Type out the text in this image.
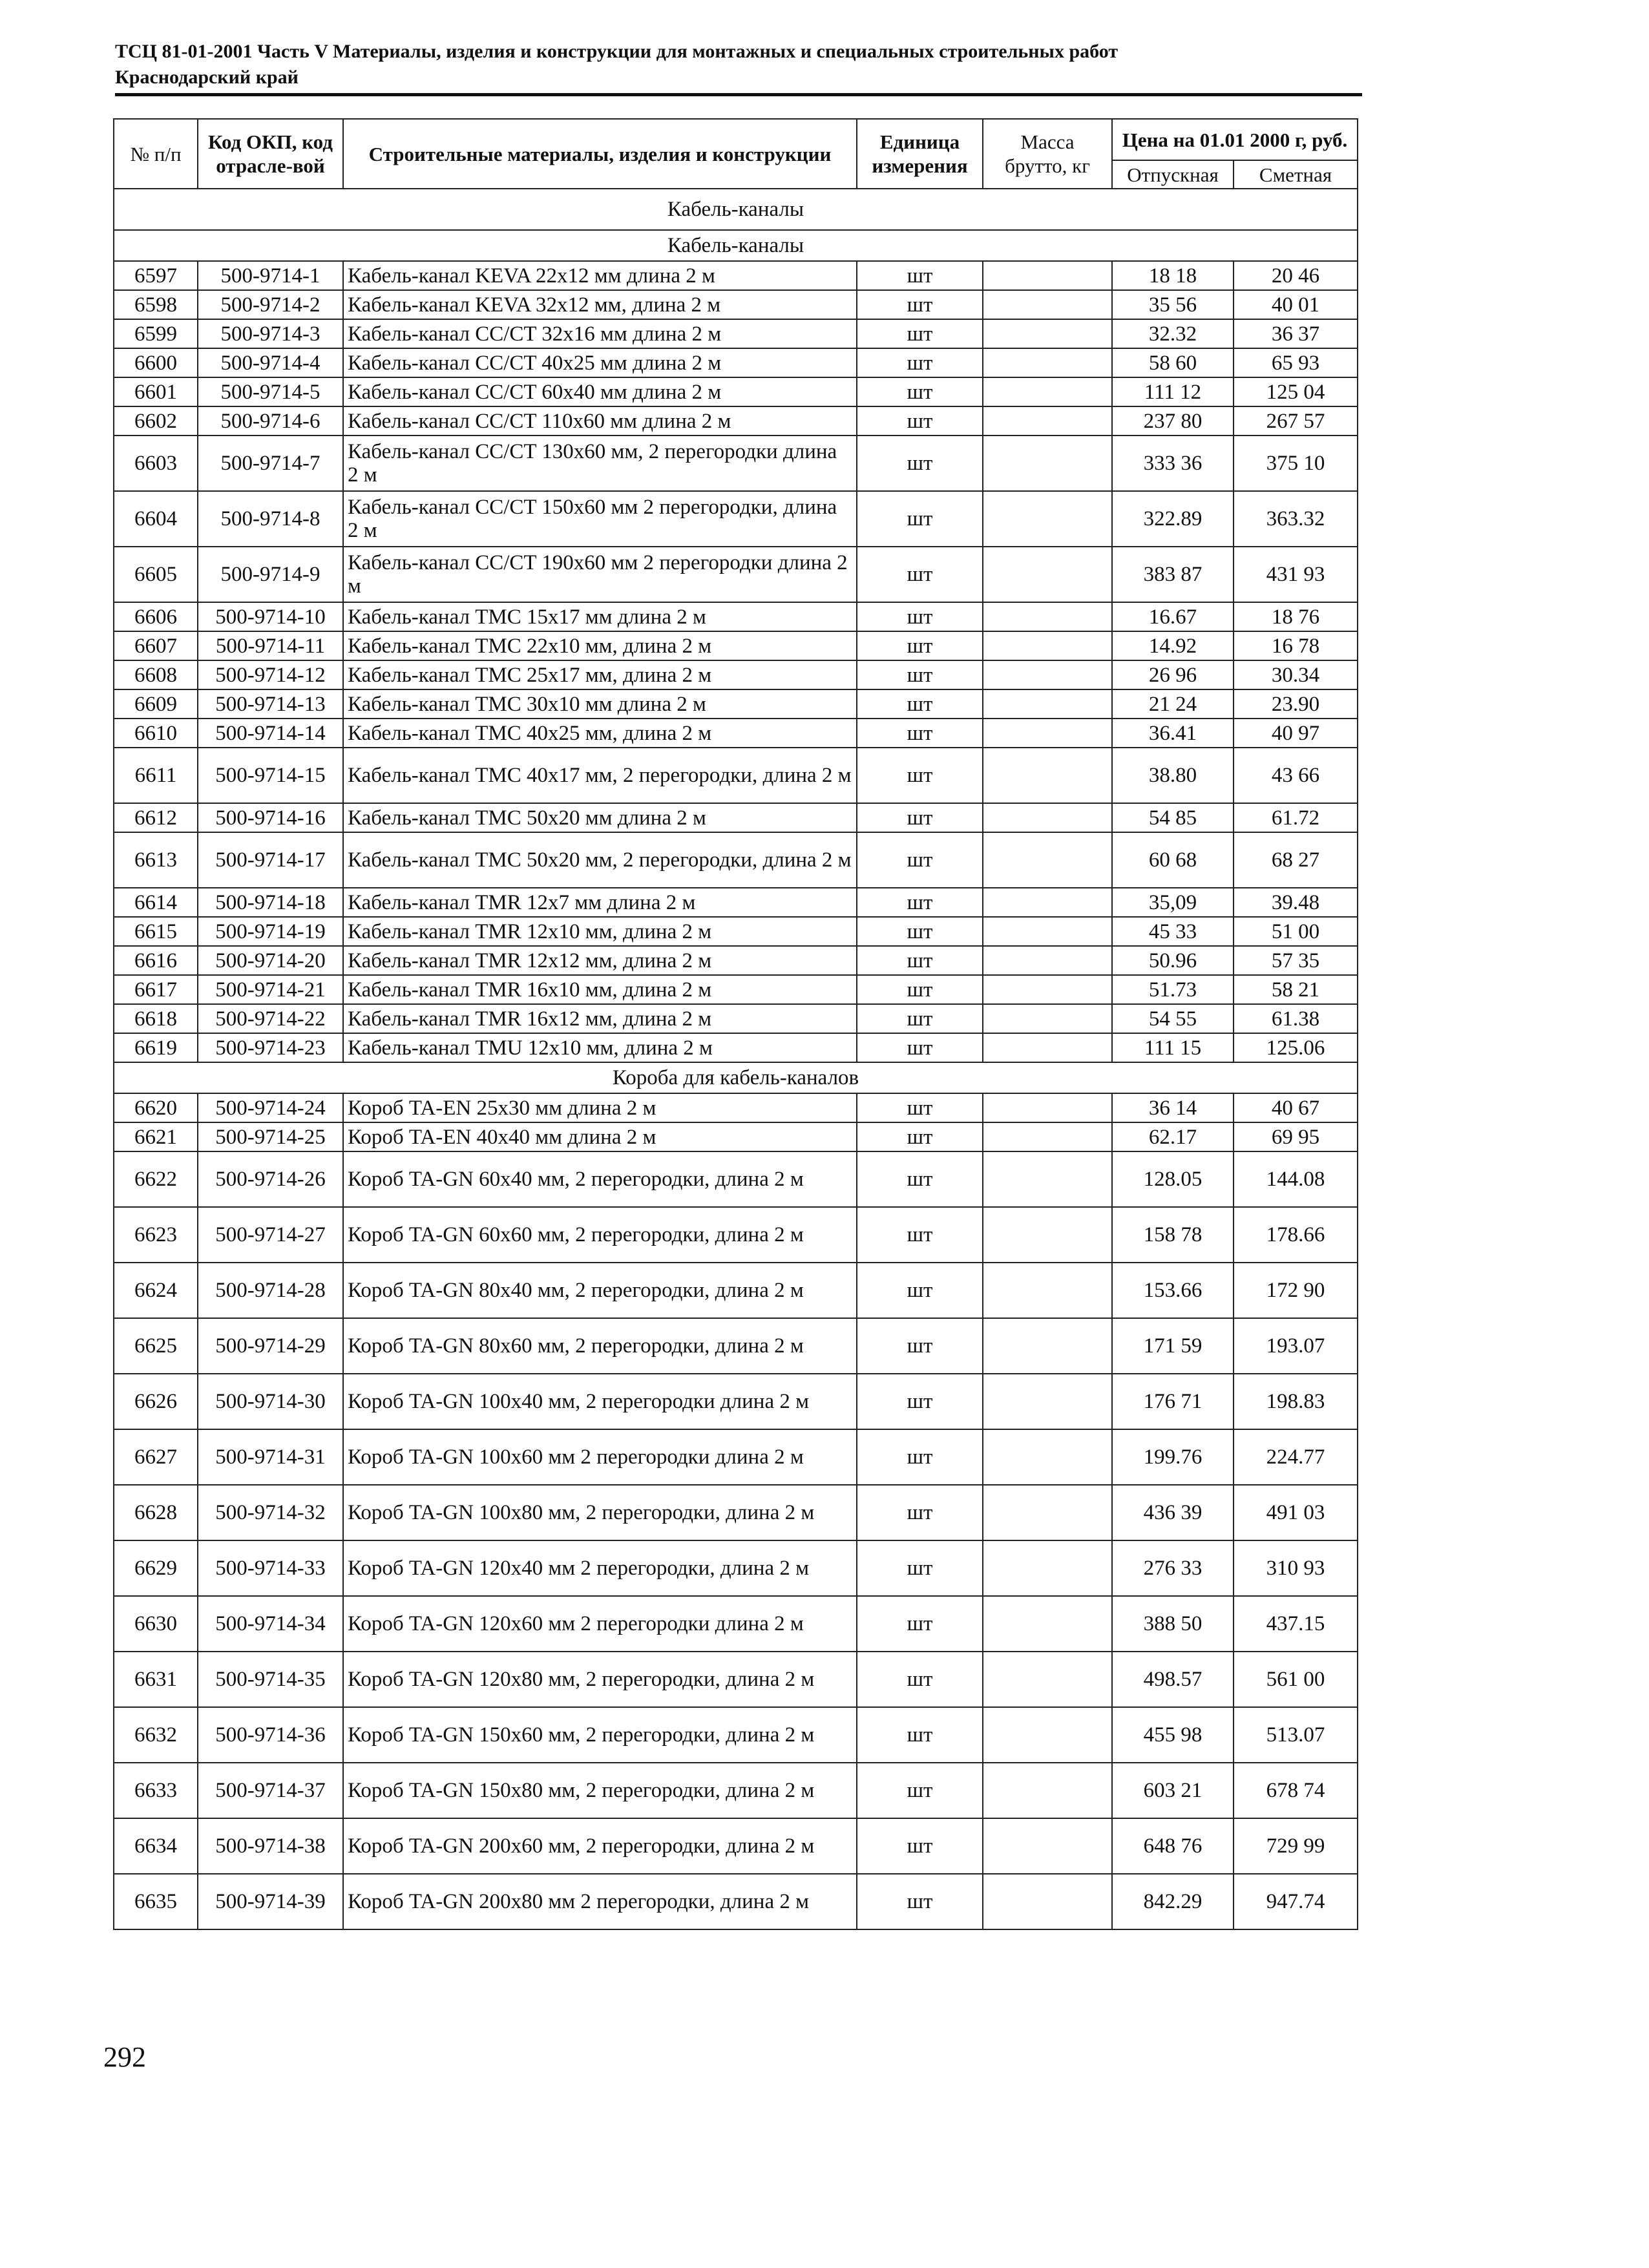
ТСЦ 81-01-2001 Часть V Материалы, изделия и конструкции для монтажных и специальных строительных работ
Краснодарский край
№ п/п	Код ОКП, код отрасле-вой	Строительные материалы, изделия и конструкции	Единица измерения	Масса брутто, кг	Цена на 01.01 2000 г, руб.	
					Отпускная	Сметная
Кабель-каналы						
Кабель-каналы						
6597	500-9714-1	Кабель-канал KEVA 22х12 мм длина 2 м	шт		18 18	20 46
6598	500-9714-2	Кабель-канал KEVA 32х12 мм, длина 2 м	шт		35 56	40 01
6599	500-9714-3	Кабель-канал CC/CT 32х16 мм длина 2 м	шт		32.32	36 37
6600	500-9714-4	Кабель-канал CC/CT 40х25 мм длина 2 м	шт		58 60	65 93
6601	500-9714-5	Кабель-канал CC/CT 60х40 мм длина 2 м	шт		111 12	125 04
6602	500-9714-6	Кабель-канал CC/CT 110х60 мм длина 2 м	шт		237 80	267 57
6603	500-9714-7	Кабель-канал CC/CT 130х60 мм, 2 перегородки длина 2 м	шт		333 36	375 10
6604	500-9714-8	Кабель-канал CC/CT 150х60 мм 2 перегородки, длина 2 м	шт		322.89	363.32
6605	500-9714-9	Кабель-канал CC/CT 190х60 мм 2 перегородки длина 2 м	шт		383 87	431 93
6606	500-9714-10	Кабель-канал TMC 15х17 мм длина 2 м	шт		16.67	18 76
6607	500-9714-11	Кабель-канал TMC 22х10 мм, длина 2 м	шт		14.92	16 78
6608	500-9714-12	Кабель-канал TMC 25х17 мм, длина 2 м	шт		26 96	30.34
6609	500-9714-13	Кабель-канал TMC 30х10 мм длина 2 м	шт		21 24	23.90
6610	500-9714-14	Кабель-канал TMC 40х25 мм, длина 2 м	шт		36.41	40 97
6611	500-9714-15	Кабель-канал TMC 40х17 мм, 2 перегородки, длина 2 м	шт		38.80	43 66
6612	500-9714-16	Кабель-канал TMC 50х20 мм длина 2 м	шт		54 85	61.72
6613	500-9714-17	Кабель-канал TMC 50х20 мм, 2 перегородки, длина 2 м	шт		60 68	68 27
6614	500-9714-18	Кабель-канал TMR 12х7 мм длина 2 м	шт		35,09	39.48
6615	500-9714-19	Кабель-канал TMR 12х10 мм, длина 2 м	шт		45 33	51 00
6616	500-9714-20	Кабель-канал TMR 12х12 мм, длина 2 м	шт		50.96	57 35
6617	500-9714-21	Кабель-канал TMR 16х10 мм, длина 2 м	шт		51.73	58 21
6618	500-9714-22	Кабель-канал TMR 16х12 мм, длина 2 м	шт		54 55	61.38
6619	500-9714-23	Кабель-канал TMU 12х10 мм, длина 2 м	шт		111 15	125.06
Короба для кабель-каналов						
6620	500-9714-24	Короб TA-EN 25х30 мм длина 2 м	шт		36 14	40 67
6621	500-9714-25	Короб TA-EN 40х40 мм длина 2 м	шт		62.17	69 95
6622	500-9714-26	Короб TA-GN 60х40 мм, 2 перегородки, длина 2 м	шт		128.05	144.08
6623	500-9714-27	Короб TA-GN 60х60 мм, 2 перегородки, длина 2 м	шт		158 78	178.66
6624	500-9714-28	Короб TA-GN 80х40 мм, 2 перегородки, длина 2 м	шт		153.66	172 90
6625	500-9714-29	Короб TA-GN 80х60 мм, 2 перегородки, длина 2 м	шт		171 59	193.07
6626	500-9714-30	Короб TA-GN 100х40 мм, 2 перегородки длина 2 м	шт		176 71	198.83
6627	500-9714-31	Короб TA-GN 100х60 мм 2 перегородки длина 2 м	шт		199.76	224.77
6628	500-9714-32	Короб TA-GN 100х80 мм, 2 перегородки, длина 2 м	шт		436 39	491 03
6629	500-9714-33	Короб TA-GN 120х40 мм 2 перегородки, длина 2 м	шт		276 33	310 93
6630	500-9714-34	Короб TA-GN 120х60 мм 2 перегородки длина 2 м	шт		388 50	437.15
6631	500-9714-35	Короб TA-GN 120х80 мм, 2 перегородки, длина 2 м	шт		498.57	561 00
6632	500-9714-36	Короб TA-GN 150х60 мм, 2 перегородки, длина 2 м	шт		455 98	513.07
6633	500-9714-37	Короб TA-GN 150х80 мм, 2 перегородки, длина 2 м	шт		603 21	678 74
6634	500-9714-38	Короб TA-GN 200х60 мм, 2 перегородки, длина 2 м	шт		648 76	729 99
6635	500-9714-39	Короб TA-GN 200х80 мм 2 перегородки, длина 2 м	шт		842.29	947.74
292
